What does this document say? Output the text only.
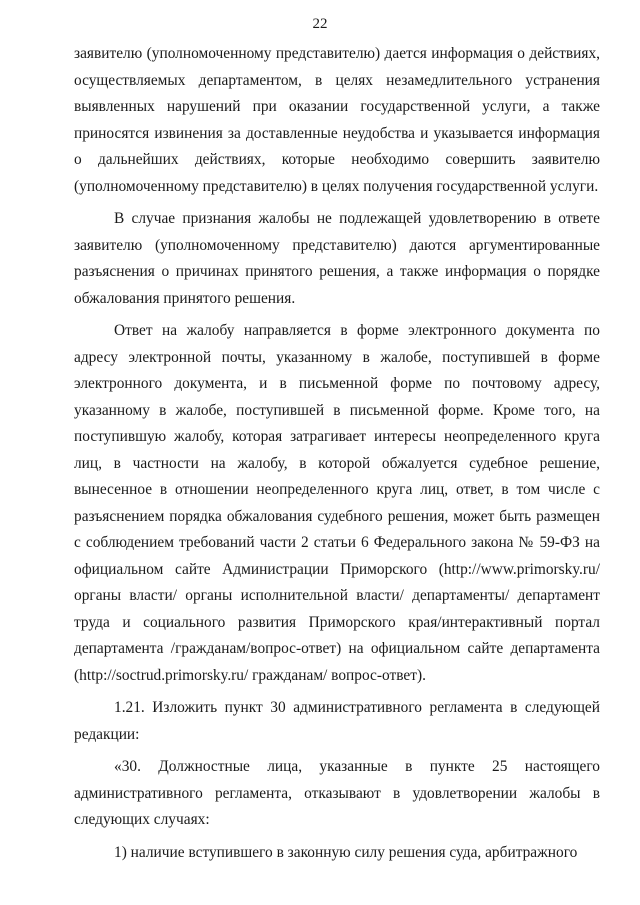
22

заявителю (уполномоченному представителю) дается информация о действиях, осуществляемых департаментом, в целях незамедлительного устранения выявленных нарушений при оказании государственной услуги, а также приносятся извинения за доставленные неудобства и указывается информация о дальнейших действиях, которые необходимо совершить заявителю (уполномоченному представителю) в целях получения государственной услуги.

В случае признания жалобы не подлежащей удовлетворению в ответе заявителю (уполномоченному представителю) даются аргументированные разъяснения о причинах принятого решения, а также информация о порядке обжалования принятого решения.

Ответ на жалобу направляется в форме электронного документа по адресу электронной почты, указанному в жалобе, поступившей в форме электронного документа, и в письменной форме по почтовому адресу, указанному в жалобе, поступившей в письменной форме. Кроме того, на поступившую жалобу, которая затрагивает интересы неопределенного круга лиц, в частности на жалобу, в которой обжалуется судебное решение, вынесенное в отношении неопределенного круга лиц, ответ, в том числе с разъяснением порядка обжалования судебного решения, может быть размещен с соблюдением требований части 2 статьи 6 Федерального закона № 59-ФЗ на официальном сайте Администрации Приморского (http://www.primorsky.ru/ органы власти/ органы исполнительной власти/ департаменты/ департамент труда и социального развития Приморского края/интерактивный портал департамента /гражданам/вопрос-ответ) на официальном сайте департамента (http://soctrud.primorsky.ru/ гражданам/ вопрос-ответ).

1.21. Изложить пункт 30 административного регламента в следующей редакции:

«30. Должностные лица, указанные в пункте 25 настоящего административного регламента, отказывают в удовлетворении жалобы в следующих случаях:

1) наличие вступившего в законную силу решения суда, арбитражного
